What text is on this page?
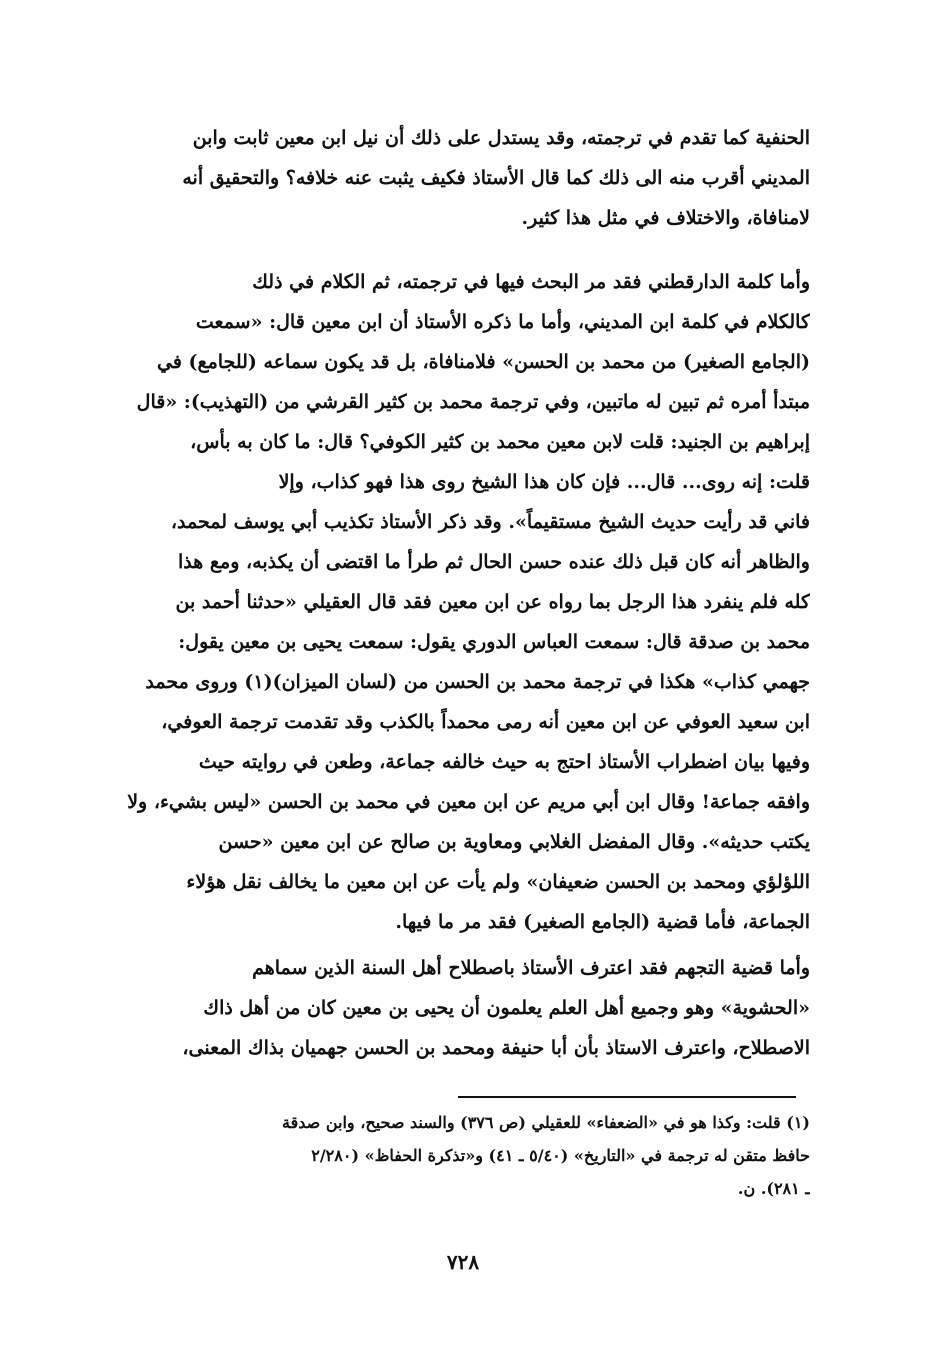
الحنفية كما تقدم في ترجمته، وقد يستدل على ذلك أن نيل ابن معين ثابت وابن
المديني أقرب منه الى ذلك كما قال الأستاذ فكيف يثبت عنه خلافه؟ والتحقيق أنه
لامنافاة، والاختلاف في مثل هذا كثير.
وأما كلمة الدارقطني فقد مر البحث فيها في ترجمته، ثم الكلام في ذلك
كالكلام في كلمة ابن المديني، وأما ما ذكره الأستاذ أن ابن معين قال: «سمعت
(الجامع الصغير) من محمد بن الحسن» فلامنافاة، بل قد يكون سماعه (للجامع) في
مبتدأ أمره ثم تبين له ماتبين، وفي ترجمة محمد بن كثير القرشي من (التهذيب): «قال
إبراهيم بن الجنيد: قلت لابن معين محمد بن كثير الكوفي؟ قال: ما كان به بأس،
قلت: إنه روى... قال... فإن كان هذا الشيخ روى هذا فهو كذاب، وإلا
فاني قد رأيت حديث الشيخ مستقيماً». وقد ذكر الأستاذ تكذيب أبي يوسف لمحمد،
والظاهر أنه كان قبل ذلك عنده حسن الحال ثم طرأ ما اقتضى أن يكذبه، ومع هذا
كله فلم ينفرد هذا الرجل بما رواه عن ابن معين فقد قال العقيلي «حدثنا أحمد بن
محمد بن صدقة قال: سمعت العباس الدوري يقول: سمعت يحيى بن معين يقول:
جهمي كذاب» هكذا في ترجمة محمد بن الحسن من (لسان الميزان)(١) وروى محمد
ابن سعيد العوفي عن ابن معين أنه رمى محمداً بالكذب وقد تقدمت ترجمة العوفي،
وفيها بيان اضطراب الأستاذ احتج به حيث خالفه جماعة، وطعن في روايته حيث
وافقه جماعة! وقال ابن أبي مريم عن ابن معين في محمد بن الحسن «ليس بشيء، ولا
يكتب حديثه». وقال المفضل الغلابي ومعاوية بن صالح عن ابن معين «حسن
اللؤلؤي ومحمد بن الحسن ضعيفان» ولم يأت عن ابن معين ما يخالف نقل هؤلاء
الجماعة، فأما قضية (الجامع الصغير) فقد مر ما فيها.
وأما قضية التجهم فقد اعترف الأستاذ باصطلاح أهل السنة الذين سماهم
«الحشوية» وهو وجميع أهل العلم يعلمون أن يحيى بن معين كان من أهل ذاك
الاصطلاح، واعترف الاستاذ بأن أبا حنيفة ومحمد بن الحسن جهميان بذاك المعنى،
(١) قلت: وكذا هو في «الضعفاء» للعقيلي (ص ٣٧٦) والسند صحيح، وابن صدقة
حافظ متقن له ترجمة في «التاريخ» (٥/٤٠ ـ ٤١) و«تذكرة الحفاظ» (٢/٢٨٠
ـ ٢٨١). ن.
٧٢٨
